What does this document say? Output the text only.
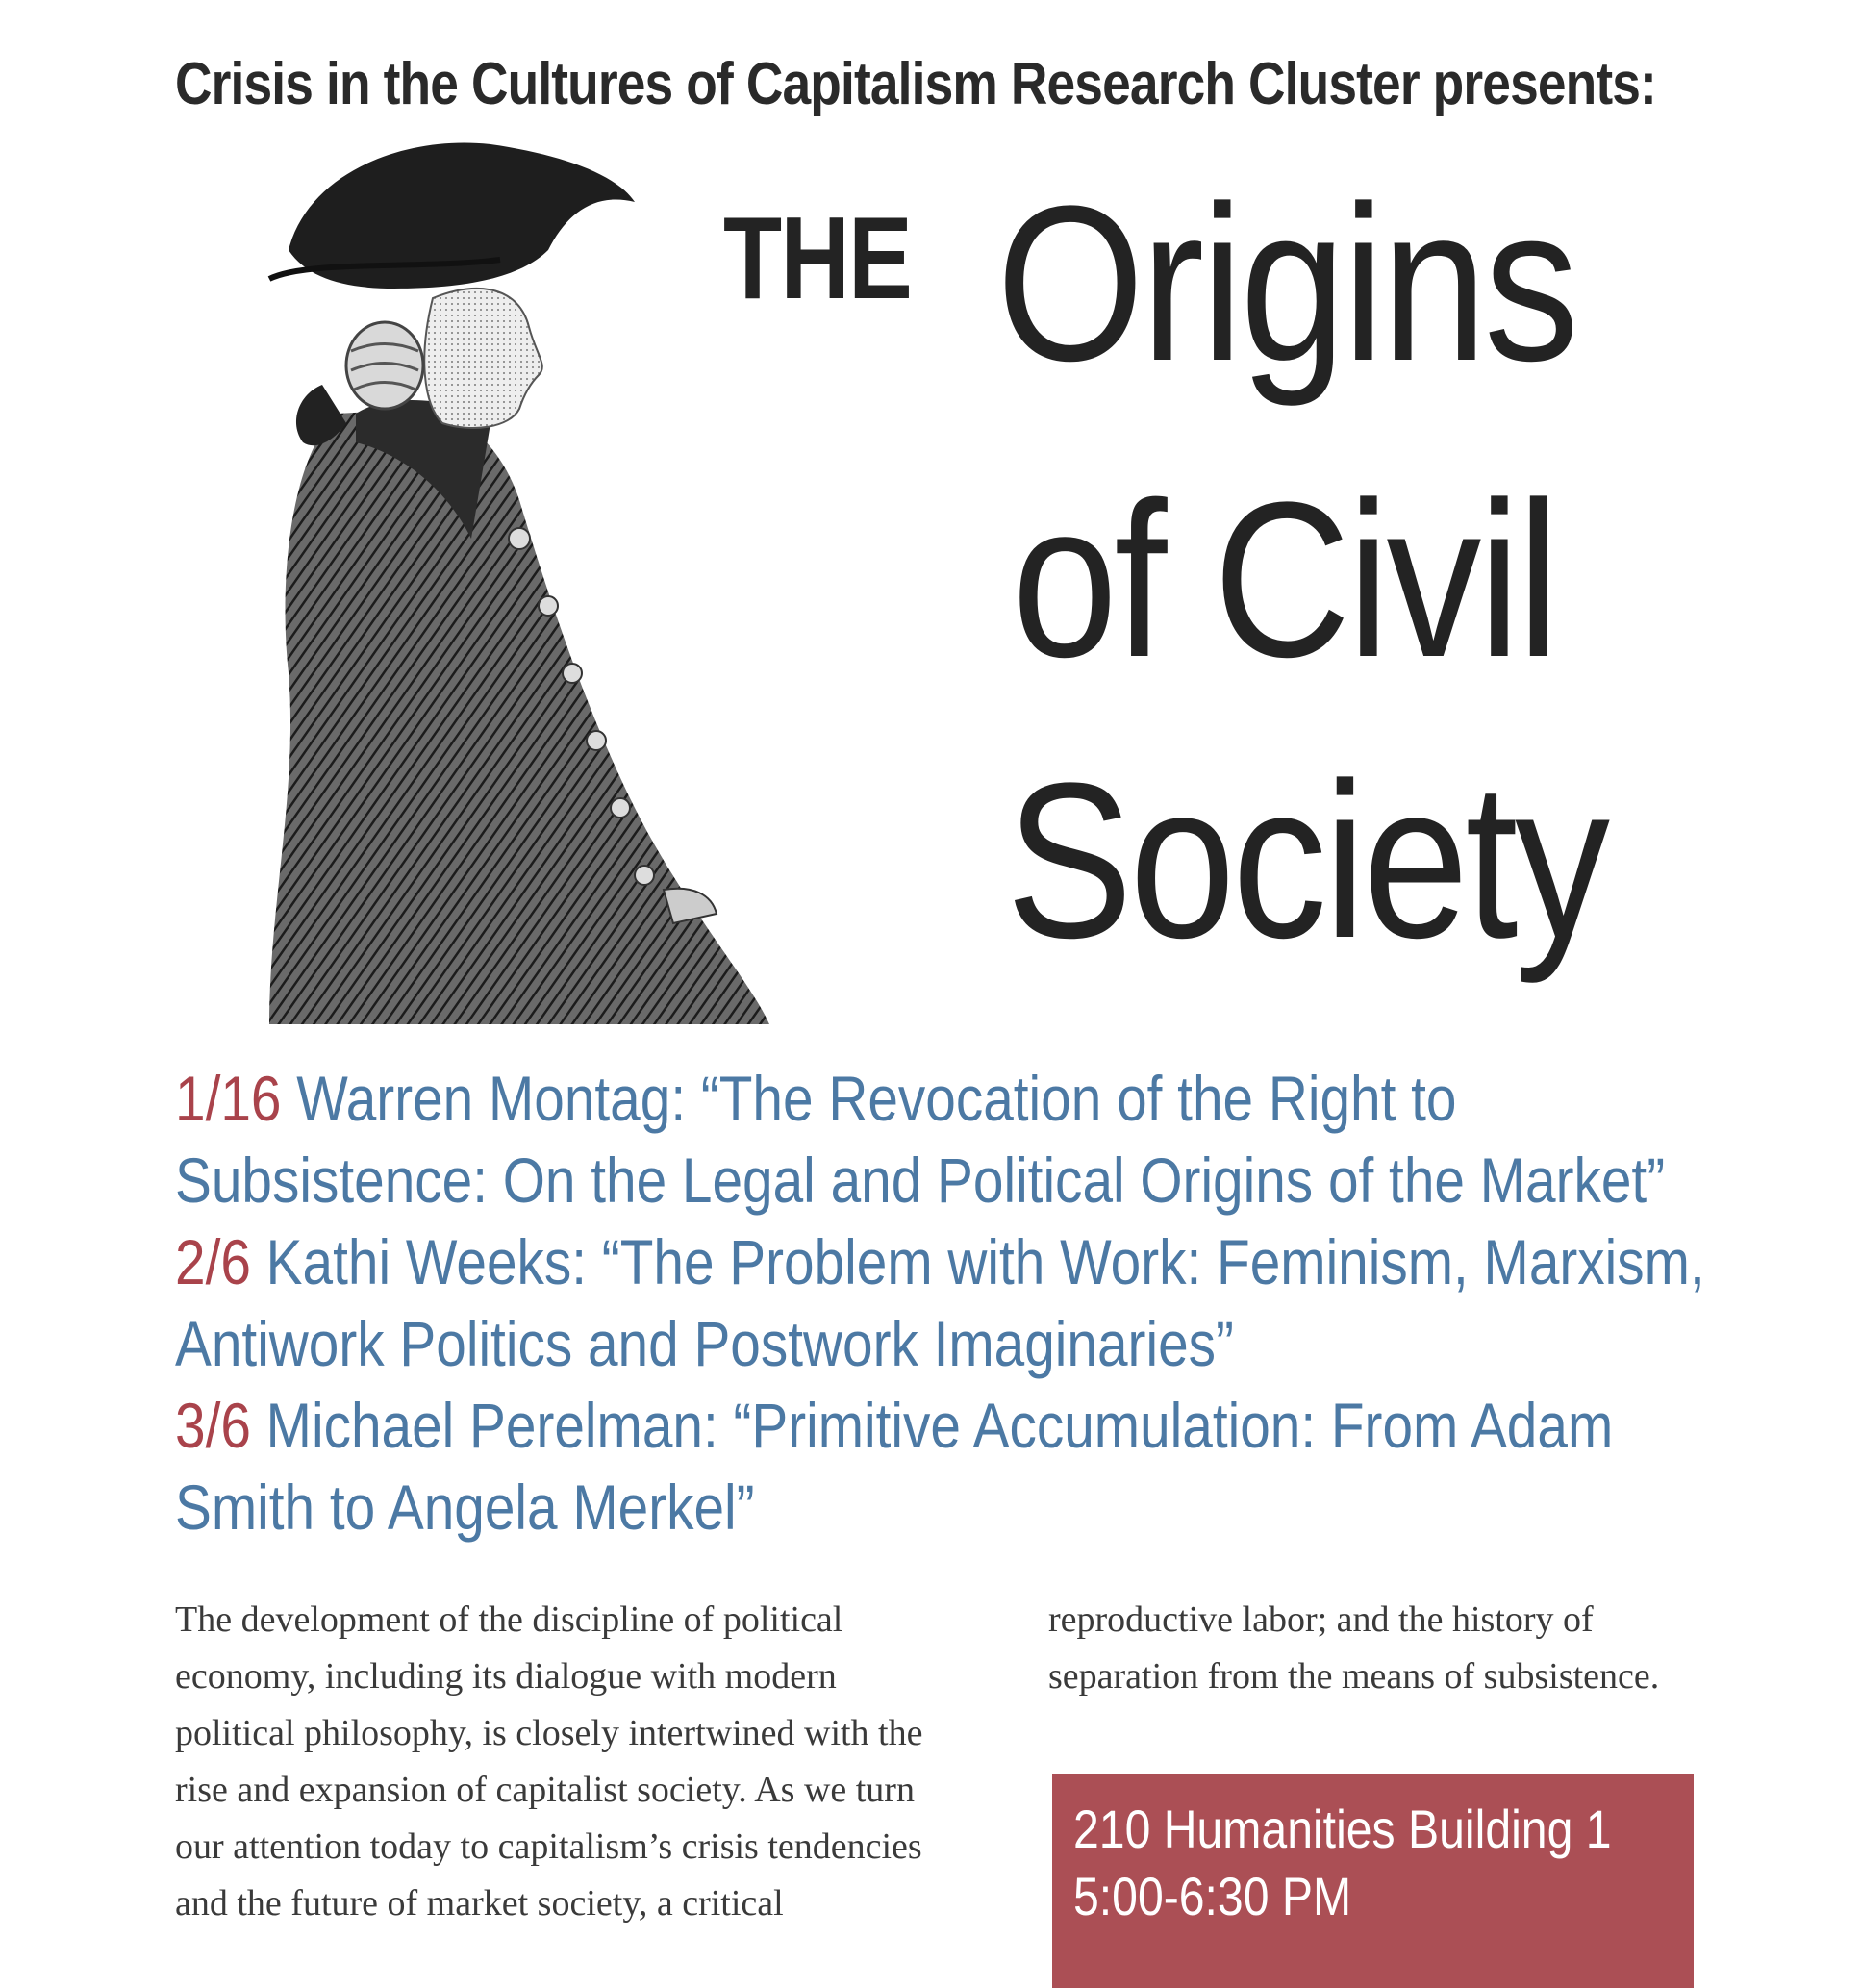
Crisis in the Cultures of Capitalism Research Cluster presents:
THE Origins
of Civil
Society
1/16 Warren Montag: “The Revocation of the Right to Subsistence: On the Legal and Political Origins of the Market”
2/6 Kathi Weeks: “The Problem with Work: Feminism, Marxism, Antiwork Politics and Postwork Imaginaries”
3/6 Michael Perelman: “Primitive Accumulation: From Adam Smith to Angela Merkel”
The development of the discipline of political economy, including its dialogue with modern political philosophy, is closely intertwined with the rise and expansion of capitalist society. As we turn our attention today to capitalism’s crisis tendencies and the future of market society, a critical
reproductive labor; and the history of separation from the means of subsistence.
210 Humanities Building 1
5:00-6:30 PM
